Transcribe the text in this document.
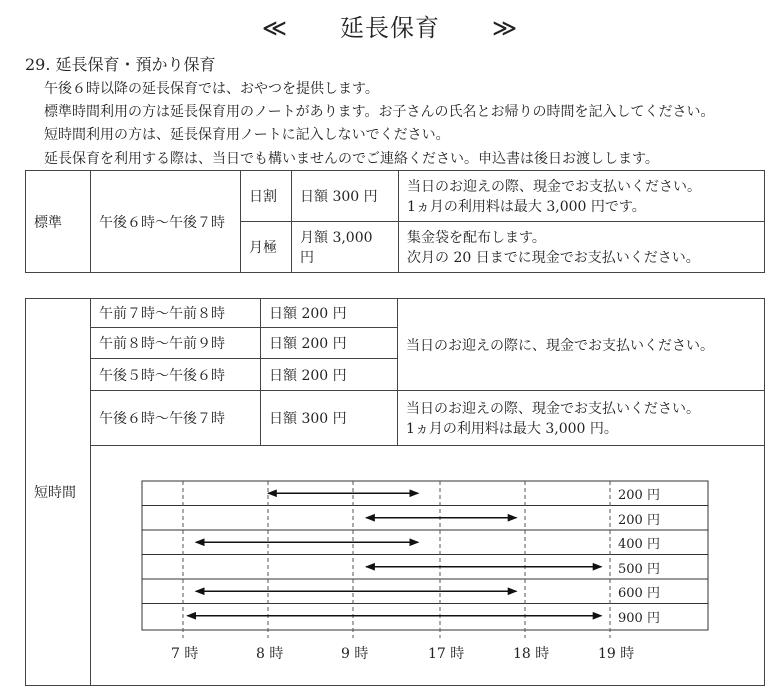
≪ 延長保育 ≫
29. 延長保育・預かり保育
午後６時以降の延長保育では、おやつを提供します。
標準時間利用の方は延長保育用のノートがあります。お子さんの氏名とお帰りの時間を記入してください。
短時間利用の方は、延長保育用ノートに記入しないでください。
延長保育を利用する際は、当日でも構いませんのでご連絡ください。申込書は後日お渡しします。
標準	午後６時～午後７時	日割	日額 300 円	当日のお迎えの際、現金でお支払いください。
1ヵ月の利用料は最大 3,000 円です。

		月極	月額 3,000 円	集金袋を配布します。
次月の 20 日までに現金でお支払いください。
短時間	午前７時～午前８時	日額 200 円	当日のお迎えの際に、現金でお支払いください。
	午前８時～午前９時	日額 200 円	
	午後５時～午後６時	日額 200 円	
	午後６時～午後７時	日額 300 円	当日のお迎えの際、現金でお支払いください。
1ヵ月の利用料は最大 3,000 円。

200 円
200 円
400 円
500 円
600 円
900 円
7 時	8 時	9 時	17 時	18 時	19 時
